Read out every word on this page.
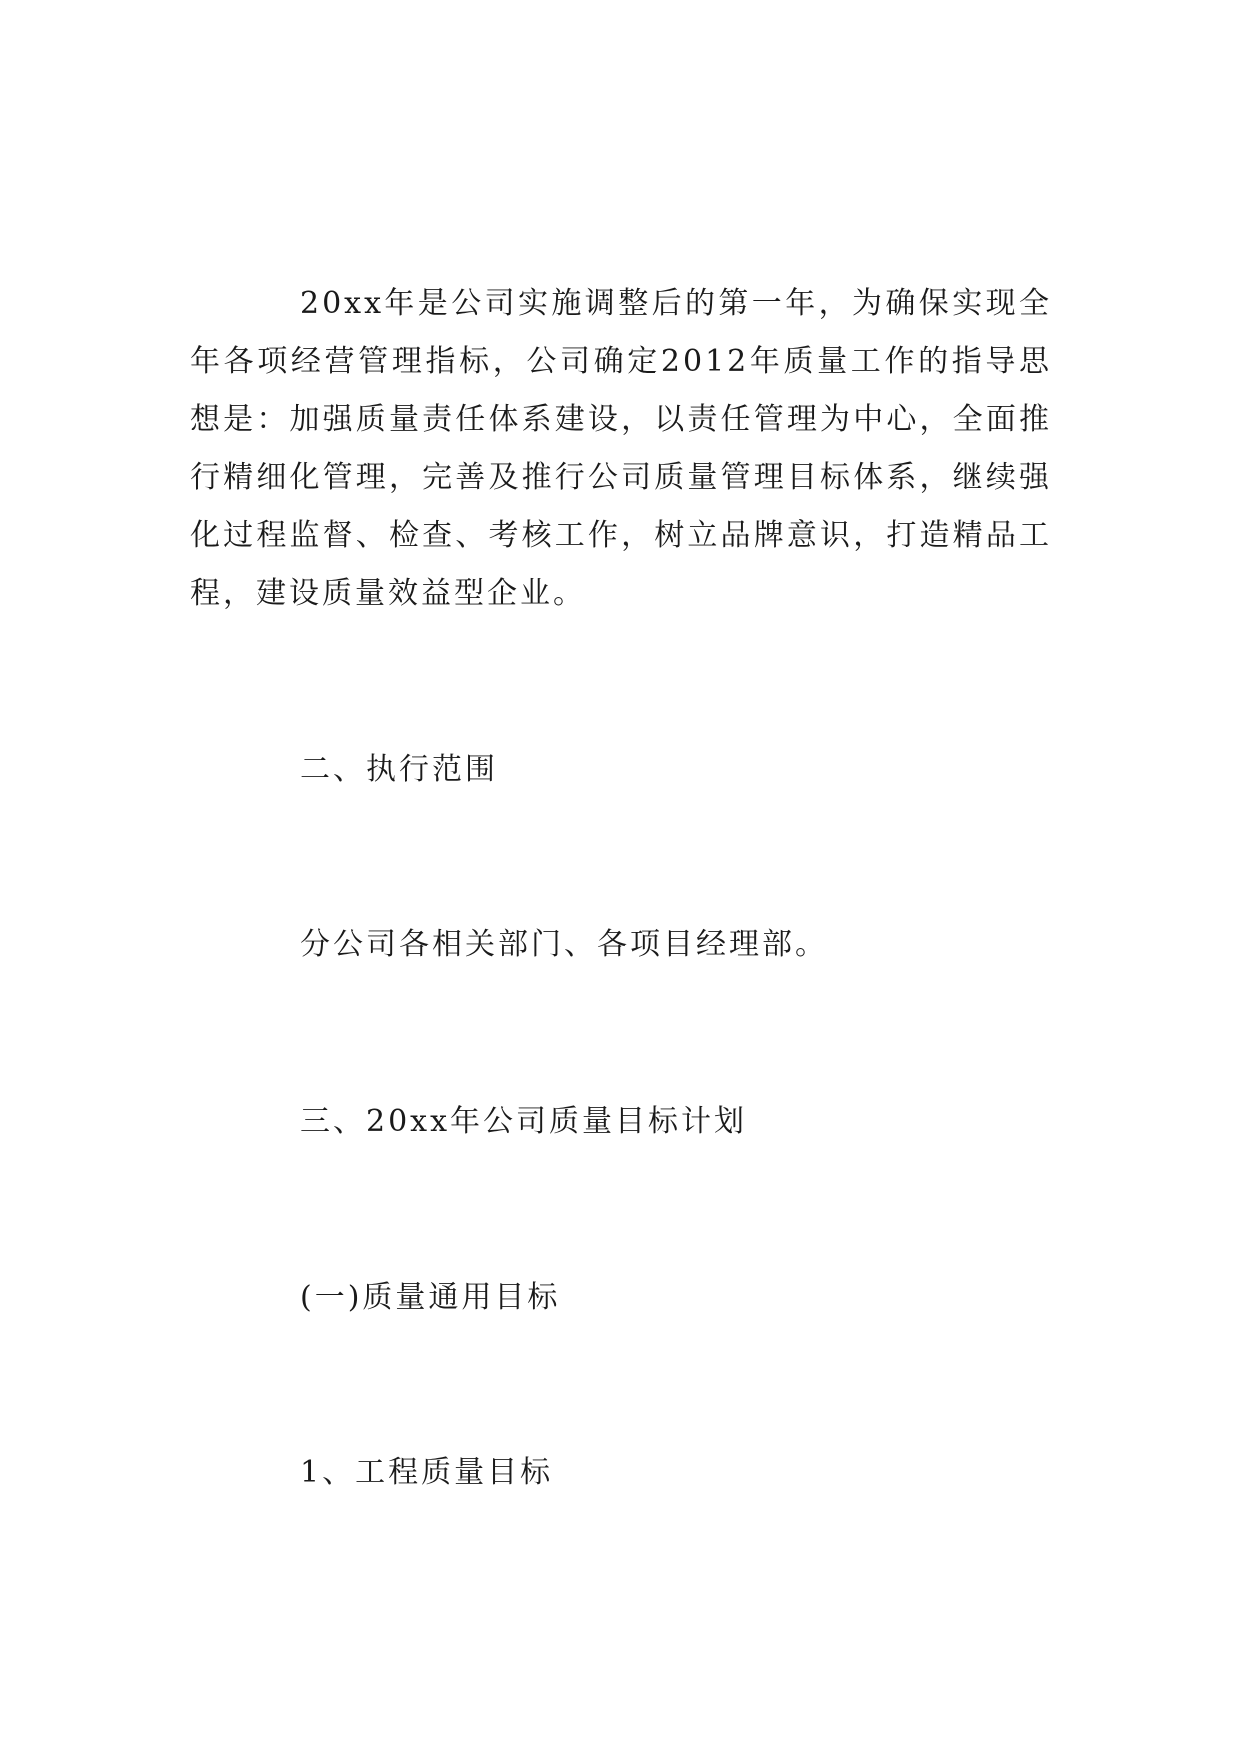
20xx年是公司实施调整后的第一年，为确保实现全年各项经营管理指标，公司确定2012年质量工作的指导思想是：加强质量责任体系建设，以责任管理为中心，全面推行精细化管理，完善及推行公司质量管理目标体系，继续强化过程监督、检查、考核工作，树立品牌意识，打造精品工程，建设质量效益型企业。

二、执行范围

分公司各相关部门、各项目经理部。

三、20xx年公司质量目标计划

(一)质量通用目标

1、工程质量目标
